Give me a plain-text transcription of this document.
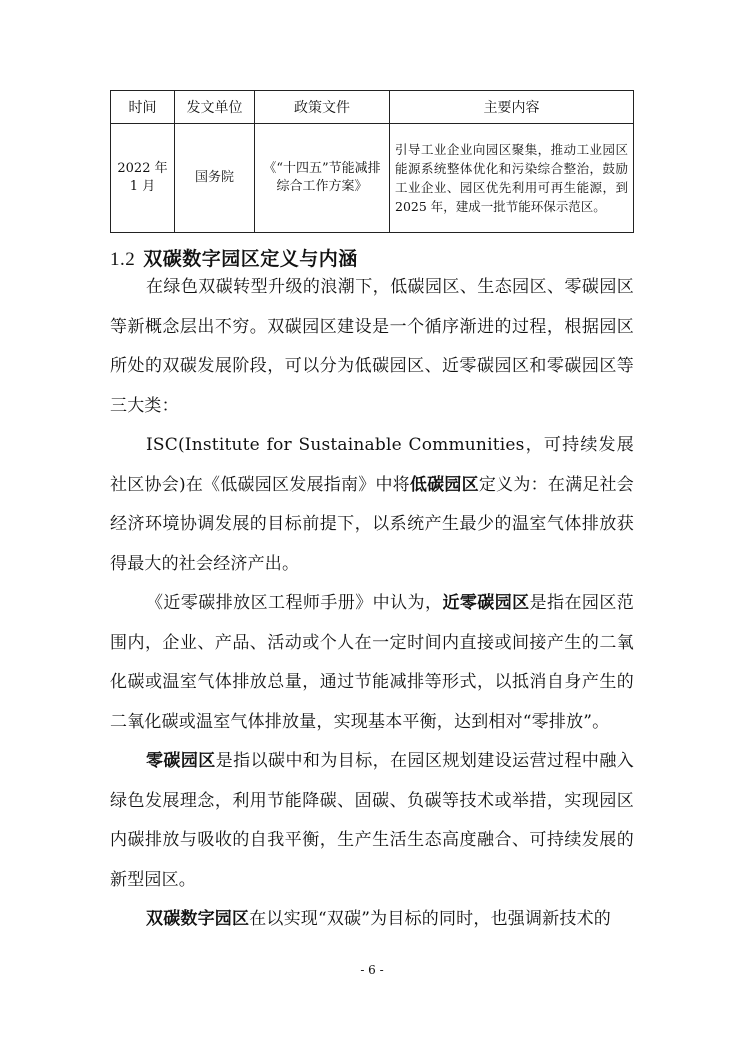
时间	发文单位	政策文件	主要内容
2022 年 1 月	国务院	《“十四五”节能减排综合工作方案》	引导工业企业向园区聚集，推动工业园区能源系统整体优化和污染综合整治，鼓励工业企业、园区优先利用可再生能源，到 2025 年，建成一批节能环保示范区。
1.2 双碳数字园区定义与内涵

在绿色双碳转型升级的浪潮下，低碳园区、生态园区、零碳园区等新概念层出不穷。双碳园区建设是一个循序渐进的过程，根据园区所处的双碳发展阶段，可以分为低碳园区、近零碳园区和零碳园区等三大类：

ISC(Institute for Sustainable Communities，可持续发展社区协会)在《低碳园区发展指南》中将低碳园区定义为：在满足社会经济环境协调发展的目标前提下，以系统产生最少的温室气体排放获得最大的社会经济产出。

《近零碳排放区工程师手册》中认为，近零碳园区是指在园区范围内，企业、产品、活动或个人在一定时间内直接或间接产生的二氧化碳或温室气体排放总量，通过节能减排等形式，以抵消自身产生的二氧化碳或温室气体排放量，实现基本平衡，达到相对“零排放”。

零碳园区是指以碳中和为目标，在园区规划建设运营过程中融入绿色发展理念，利用节能降碳、固碳、负碳等技术或举措，实现园区内碳排放与吸收的自我平衡，生产生活生态高度融合、可持续发展的新型园区。

双碳数字园区在以实现“双碳”为目标的同时，也强调新技术的

- 6 -
